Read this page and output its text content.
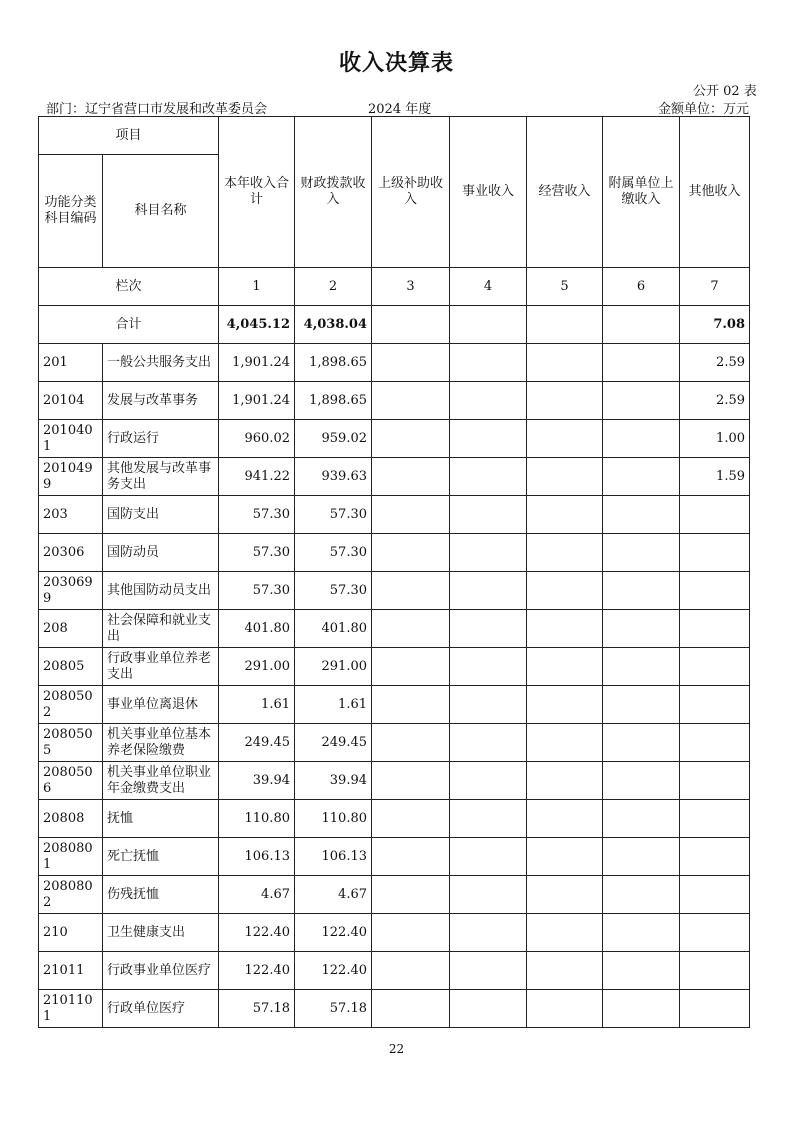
收入决算表
公开 02 表
部门：辽宁省营口市发展和改革委员会	2024 年度	金额单位：万元
项目		本年收入合计	财政拨款收入	上级补助收入	事业收入	经营收入	附属单位上缴收入	其他收入
功能分类科目编码	科目名称							
栏次		1	2	3	4	5	6	7
合计		4,045.12	4,038.04					7.08
201	一般公共服务支出	1,901.24	1,898.65					2.59
20104	发展与改革事务	1,901.24	1,898.65					2.59
2010401	行政运行	960.02	959.02					1.00
2010499	其他发展与改革事务支出	941.22	939.63					1.59
203	国防支出	57.30	57.30					
20306	国防动员	57.30	57.30					
2030699	其他国防动员支出	57.30	57.30					
208	社会保障和就业支出	401.80	401.80					
20805	行政事业单位养老支出	291.00	291.00					
2080502	事业单位离退休	1.61	1.61					
2080505	机关事业单位基本养老保险缴费	249.45	249.45					
2080506	机关事业单位职业年金缴费支出	39.94	39.94					
20808	抚恤	110.80	110.80					
2080801	死亡抚恤	106.13	106.13					
2080802	伤残抚恤	4.67	4.67					
210	卫生健康支出	122.40	122.40					
21011	行政事业单位医疗	122.40	122.40					
2101101	行政单位医疗	57.18	57.18					
22
